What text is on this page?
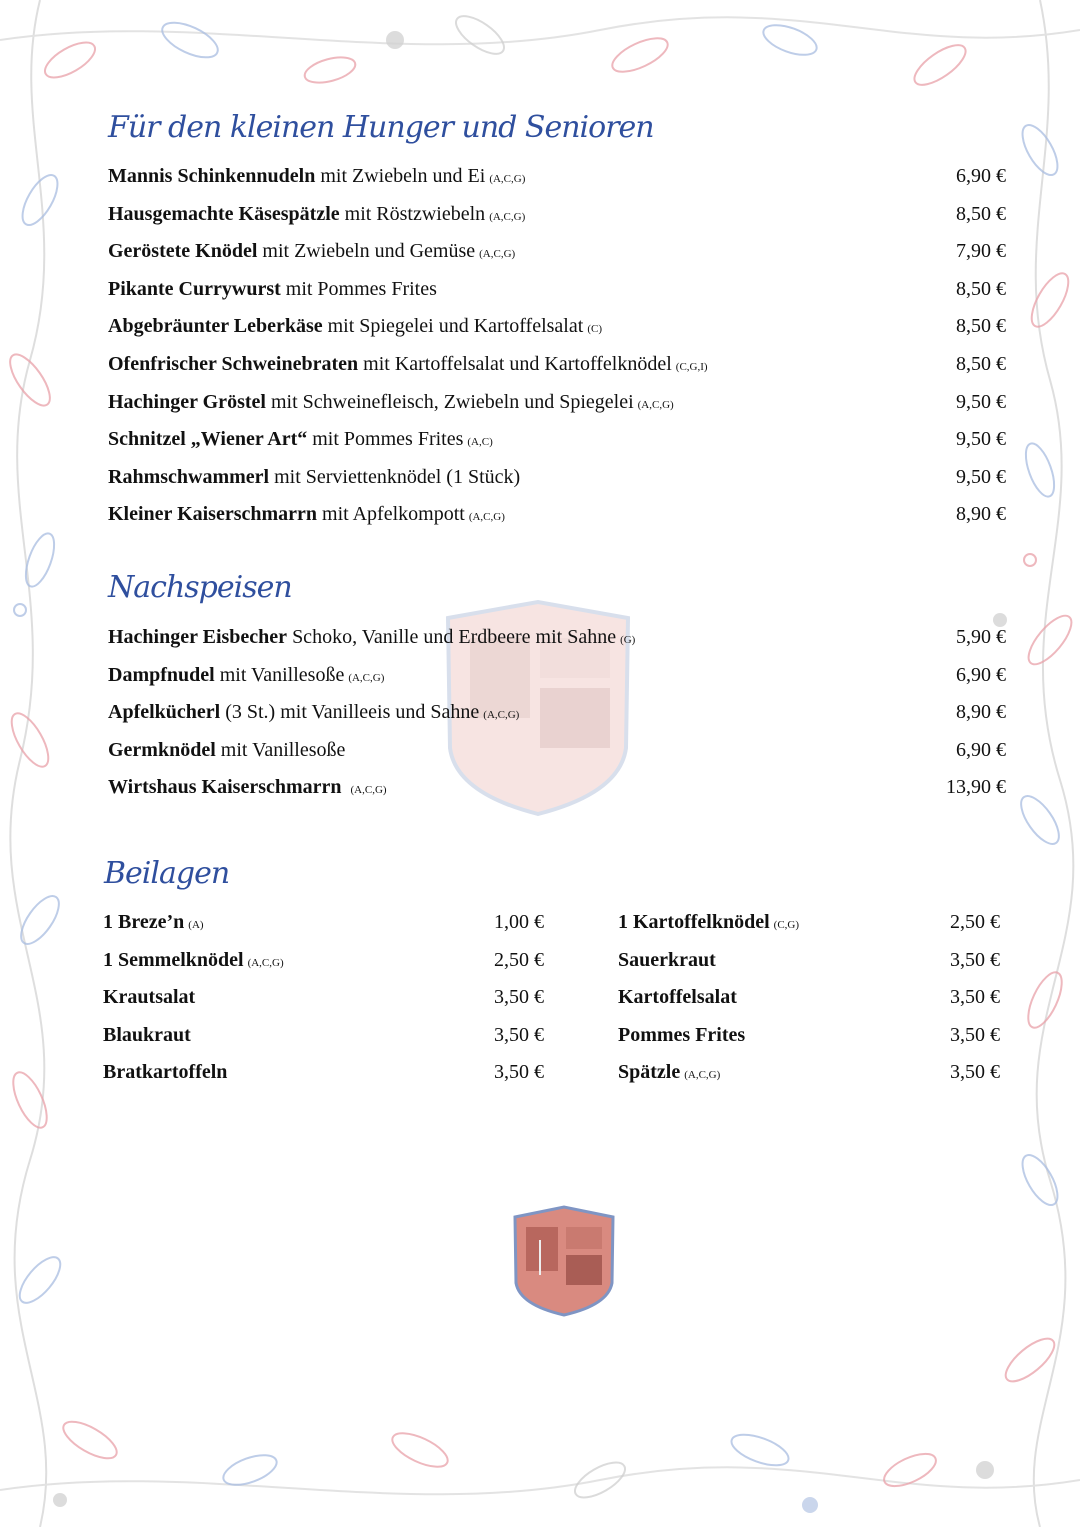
Für den kleinen Hunger und Senioren
Mannis Schinkennudeln mit Zwiebeln und Ei (A,C,G)	6,90 €
Hausgemachte Käsespätzle mit Röstzwiebeln (A,C,G)	8,50 €
Geröstete Knödel mit Zwiebeln und Gemüse (A,C,G)	7,90 €
Pikante Currywurst mit Pommes Frites	8,50 €
Abgebräunter Leberkäse mit Spiegelei und Kartoffelsalat (C)	8,50 €
Ofenfrischer Schweinebraten mit Kartoffelsalat und Kartoffelknödel (C,G,I)	8,50 €
Hachinger Gröstel mit Schweinefleisch, Zwiebeln und Spiegelei (A,C,G)	9,50 €
Schnitzel „Wiener Art“ mit Pommes Frites (A,C)	9,50 €
Rahmschwammerl mit Serviettenknödel (1 Stück)	9,50 €
Kleiner Kaiserschmarrn mit Apfelkompott (A,C,G)	8,90 €
Nachspeisen
Hachinger Eisbecher Schoko, Vanille und Erdbeere mit Sahne (G)	5,90 €
Dampfnudel mit Vanillesoße (A,C,G)	6,90 €
Apfelkücherl (3 St.) mit Vanilleeis und Sahne (A,C,G)	8,90 €
Germknödel mit Vanillesoße	6,90 €
Wirtshaus Kaiserschmarrn (A,C,G)	13,90 €
Beilagen
1 Breze’n (A)	1,00 €
1 Semmelknödel (A,C,G)	2,50 €
Krautsalat	3,50 €
Blaukraut	3,50 €
Bratkartoffeln	3,50 €
1 Kartoffelknödel (C,G)	2,50 €
Sauerkraut	3,50 €
Kartoffelsalat	3,50 €
Pommes Frites	3,50 €
Spätzle (A,C,G)	3,50 €
